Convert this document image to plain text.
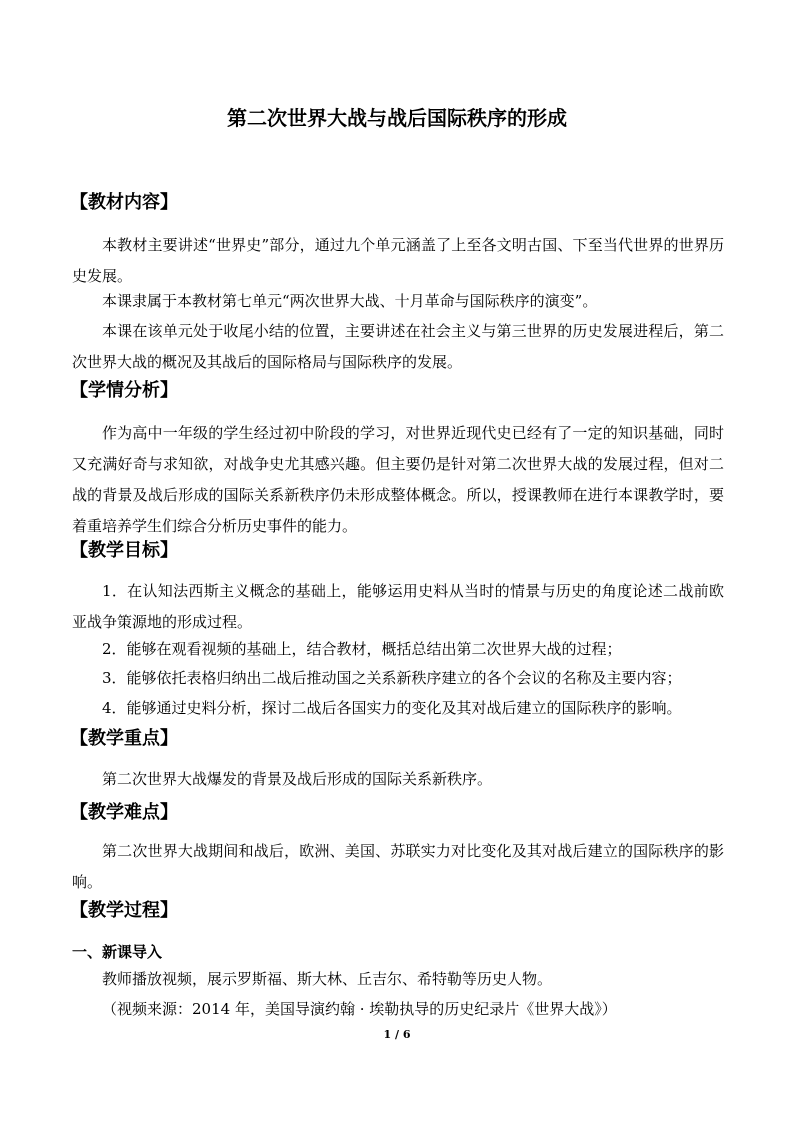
第二次世界大战与战后国际秩序的形成
【教材内容】
本教材主要讲述“世界史”部分，通过九个单元涵盖了上至各文明古国、下至当代世界的世界历史发展。
本课隶属于本教材第七单元“两次世界大战、十月革命与国际秩序的演变”。
本课在该单元处于收尾小结的位置，主要讲述在社会主义与第三世界的历史发展进程后，第二次世界大战的概况及其战后的国际格局与国际秩序的发展。
【学情分析】
作为高中一年级的学生经过初中阶段的学习，对世界近现代史已经有了一定的知识基础，同时又充满好奇与求知欲，对战争史尤其感兴趣。但主要仍是针对第二次世界大战的发展过程，但对二战的背景及战后形成的国际关系新秩序仍未形成整体概念。所以，授课教师在进行本课教学时，要着重培养学生们综合分析历史事件的能力。
【教学目标】
1．在认知法西斯主义概念的基础上，能够运用史料从当时的情景与历史的角度论述二战前欧亚战争策源地的形成过程。
2．能够在观看视频的基础上，结合教材，概括总结出第二次世界大战的过程；
3．能够依托表格归纳出二战后推动国之关系新秩序建立的各个会议的名称及主要内容；
4．能够通过史料分析，探讨二战后各国实力的变化及其对战后建立的国际秩序的影响。
【教学重点】
第二次世界大战爆发的背景及战后形成的国际关系新秩序。
【教学难点】
第二次世界大战期间和战后，欧洲、美国、苏联实力对比变化及其对战后建立的国际秩序的影响。
【教学过程】
一、新课导入
教师播放视频，展示罗斯福、斯大林、丘吉尔、希特勒等历史人物。
（视频来源：2014 年，美国导演约翰 · 埃勒执导的历史纪录片《世界大战》）
1 / 6
